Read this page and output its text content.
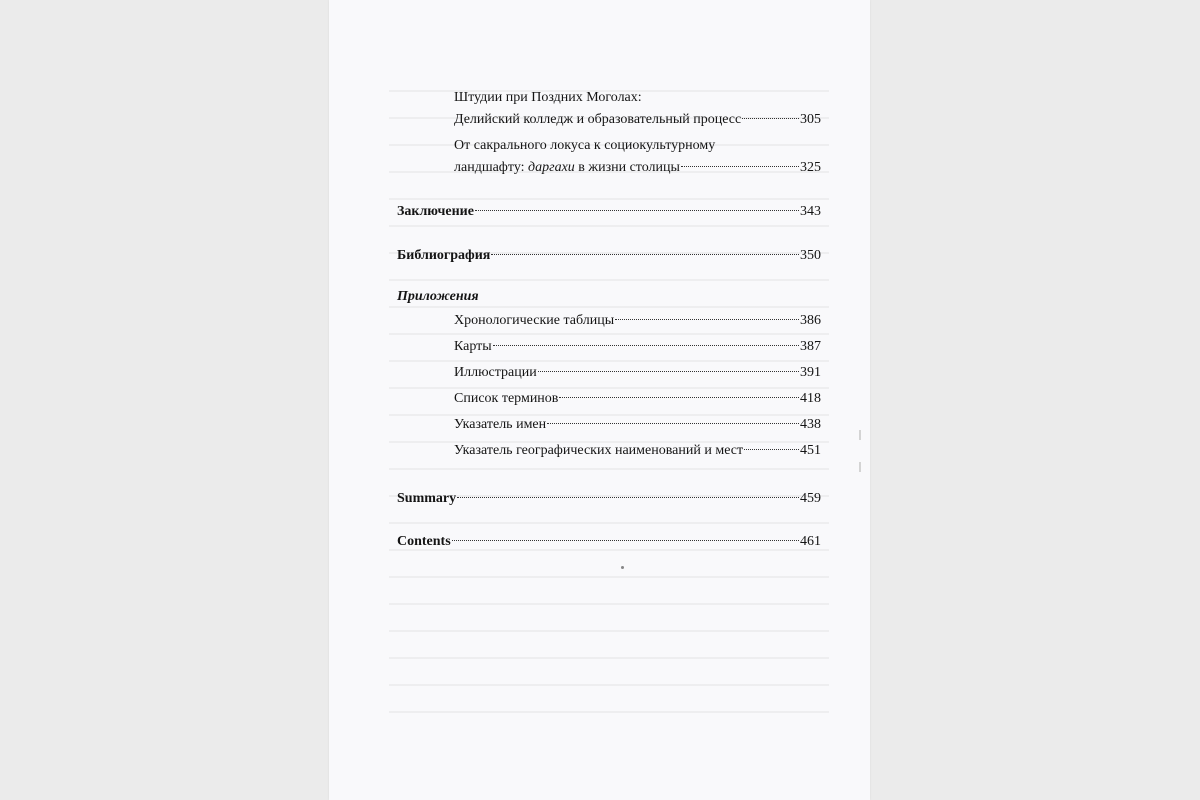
Штудии при Поздних Моголах:
Делийский колледж и образовательный процесс	305
От сакрального локуса к социокультурному
ландшафту: даргахи в жизни столицы	325
Заключение	343
Библиография	350
Приложения
Хронологические таблицы	386
Карты	387
Иллюстрации	391
Список терминов	418
Указатель имен	438
Указатель географических наименований и мест	451
Summary	459
Contents	461
